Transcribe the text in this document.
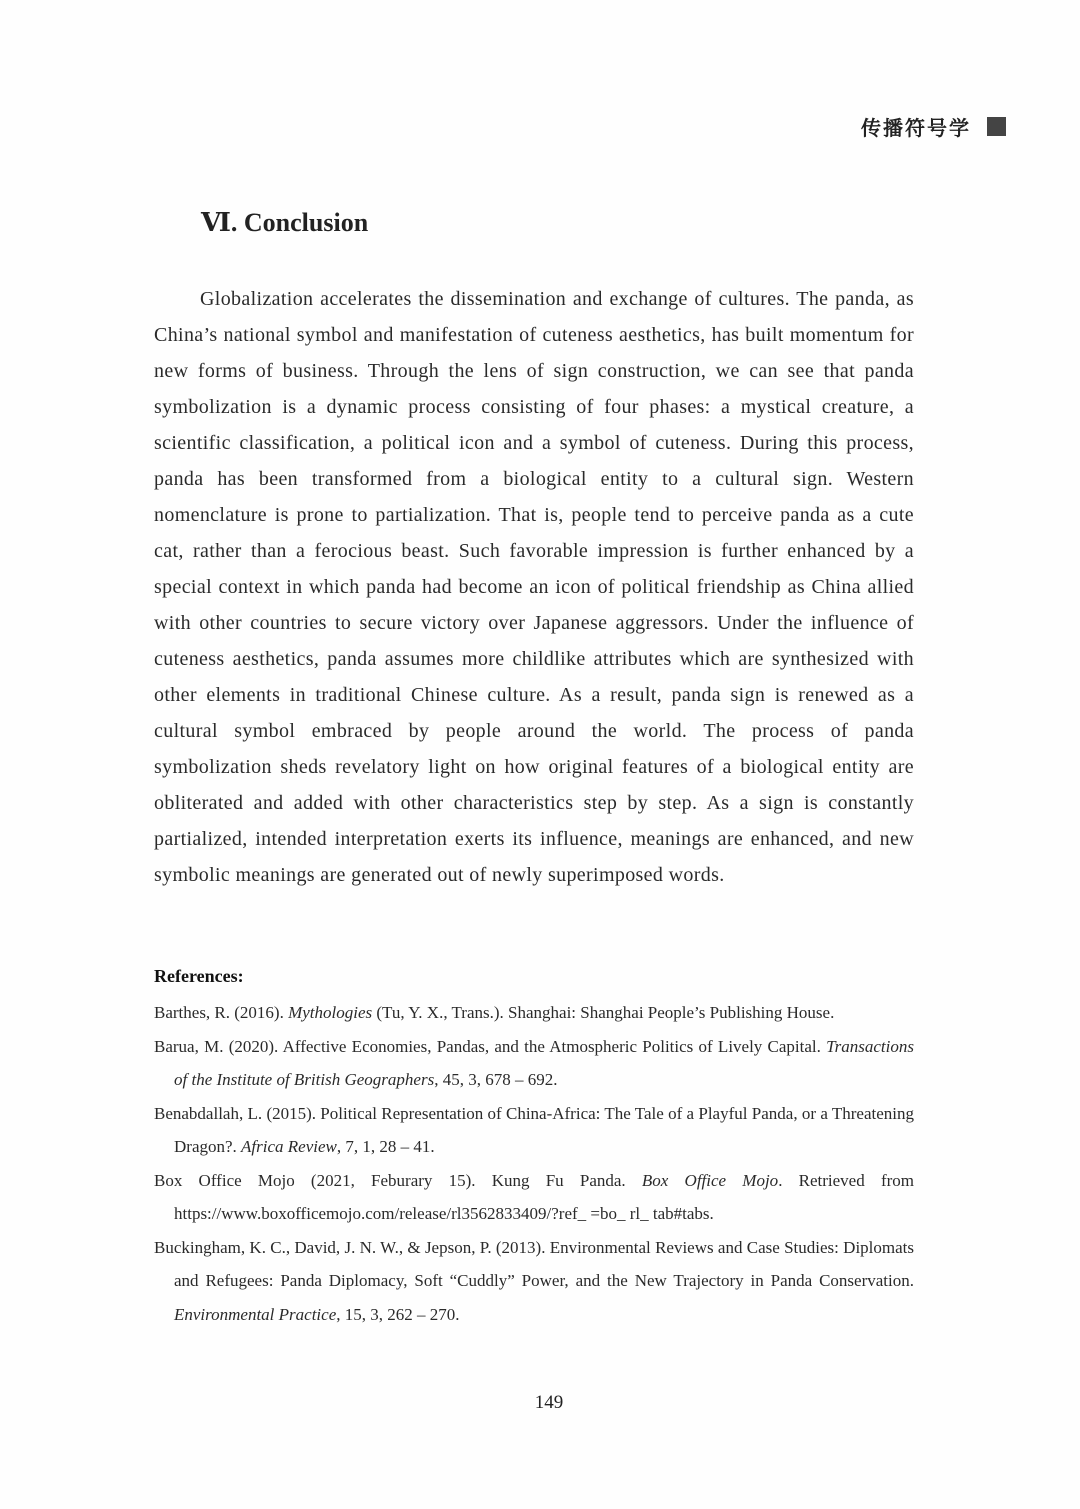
传播符号学
Ⅵ. Conclusion

Globalization accelerates the dissemination and exchange of cultures. The panda, as China’s national symbol and manifestation of cuteness aesthetics, has built momentum for new forms of business. Through the lens of sign construction, we can see that panda symbolization is a dynamic process consisting of four phases: a mystical creature, a scientific classification, a political icon and a symbol of cuteness. During this process, panda has been transformed from a biological entity to a cultural sign. Western nomenclature is prone to partialization. That is, people tend to perceive panda as a cute cat, rather than a ferocious beast. Such favorable impression is further enhanced by a special context in which panda had become an icon of political friendship as China allied with other countries to secure victory over Japanese aggressors. Under the influence of cuteness aesthetics, panda assumes more childlike attributes which are synthesized with other elements in traditional Chinese culture. As a result, panda sign is renewed as a cultural symbol embraced by people around the world. The process of panda symbolization sheds revelatory light on how original features of a biological entity are obliterated and added with other characteristics step by step. As a sign is constantly partialized, intended interpretation exerts its influence, meanings are enhanced, and new symbolic meanings are generated out of newly superimposed words.

References:
Barthes, R. (2016). Mythologies (Tu, Y. X., Trans.). Shanghai: Shanghai People’s Publishing House.
Barua, M. (2020). Affective Economies, Pandas, and the Atmospheric Politics of Lively Capital. Transactions of the Institute of British Geographers, 45, 3, 678 – 692.
Benabdallah, L. (2015). Political Representation of China-Africa: The Tale of a Playful Panda, or a Threatening Dragon?. Africa Review, 7, 1, 28 – 41.
Box Office Mojo (2021, Feburary 15). Kung Fu Panda. Box Office Mojo. Retrieved from https://www.boxofficemojo.com/release/rl3562833409/?ref_ =bo_ rl_ tab#tabs.
Buckingham, K. C., David, J. N. W., & Jepson, P. (2013). Environmental Reviews and Case Studies: Diplomats and Refugees: Panda Diplomacy, Soft “Cuddly” Power, and the New Trajectory in Panda Conservation. Environmental Practice, 15, 3, 262 – 270.
149
